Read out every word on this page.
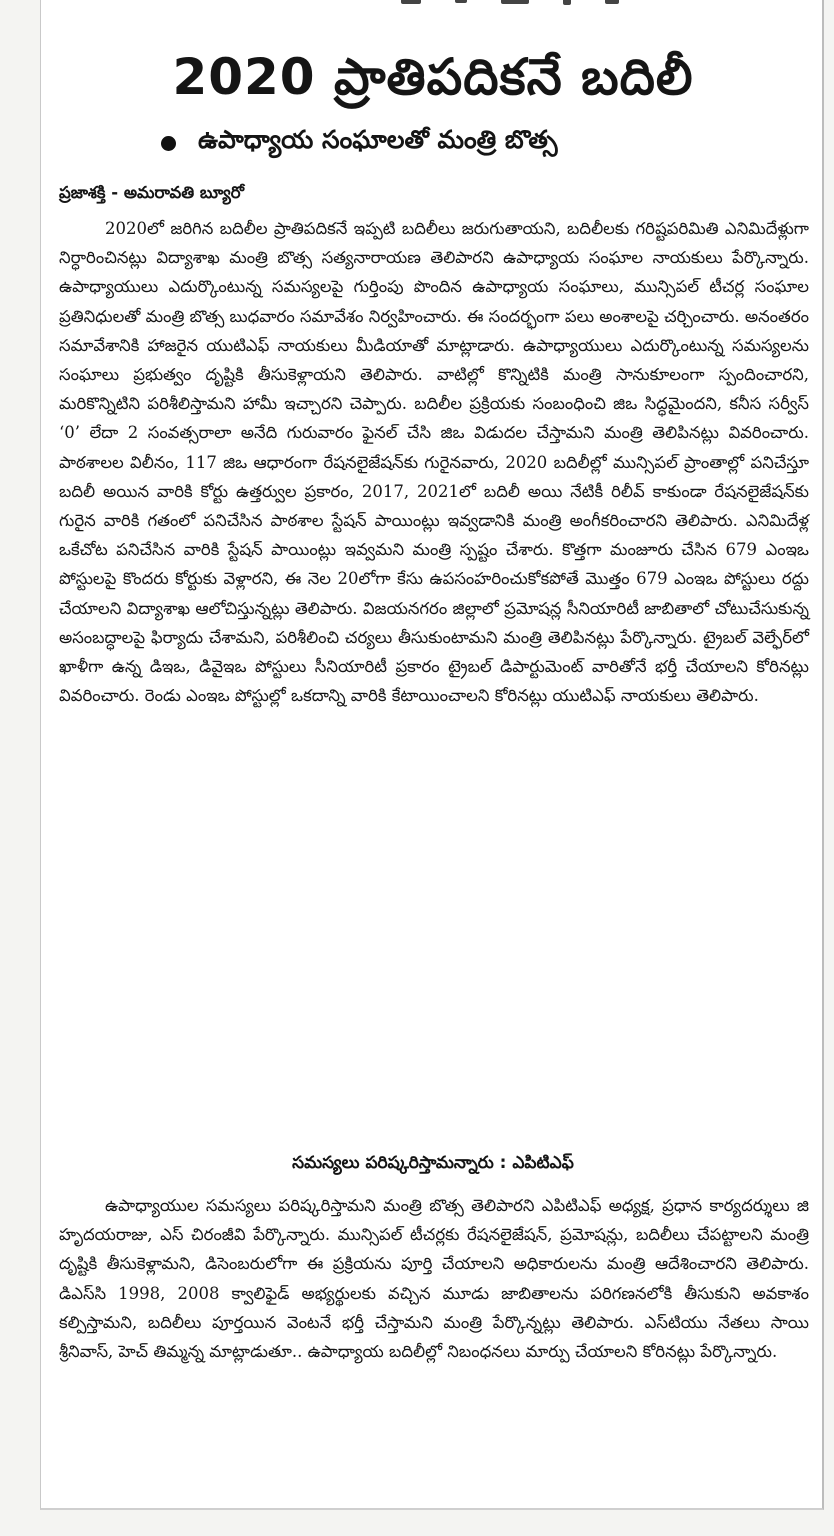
2020 ప్రాతిపదికనే బదిలీ
ఉపాధ్యాయ సంఘాలతో మంత్రి బొత్స

ప్రజాశక్తి - అమరావతి బ్యూరో

2020లో జరిగిన బదిలీల ప్రాతిపదికనే ఇప్పటి బదిలీలు జరుగుతాయని, బదిలీలకు గరిష్టపరిమితి ఎనిమిదేళ్లుగా నిర్ధారించినట్లు విద్యాశాఖ మంత్రి బొత్స సత్యనారాయణ తెలిపారని ఉపాధ్యాయ సంఘాల నాయకులు పేర్కొన్నారు. ఉపాధ్యాయులు ఎదుర్కొంటున్న సమస్యలపై గుర్తింపు పొందిన ఉపాధ్యాయ సంఘాలు, మున్సిపల్ టీచర్ల సంఘాల ప్రతినిధులతో మంత్రి బొత్స బుధవారం సమావేశం నిర్వహించారు. ఈ సందర్భంగా పలు అంశాలపై చర్చించారు. అనంతరం సమావేశానికి హాజరైన యుటిఎఫ్ నాయకులు మీడియాతో మాట్లాడారు. ఉపాధ్యాయులు ఎదుర్కొంటున్న సమస్యలను సంఘాలు ప్రభుత్వం దృష్టికి తీసుకెళ్లాయని తెలిపారు. వాటిల్లో కొన్నిటికి మంత్రి సానుకూలంగా స్పందించారని, మరికొన్నిటిని పరిశీలిస్తామని హామీ ఇచ్చారని చెప్పారు. బదిలీల ప్రక్రియకు సంబంధించి జిఒ సిద్ధమైందని, కనీస సర్వీస్ ‘0’ లేదా 2 సంవత్సరాలా అనేది గురువారం ఫైనల్ చేసి జిఒ విడుదల చేస్తామని మంత్రి తెలిపినట్లు వివరించారు. పాఠశాలల విలీనం, 117 జిఒ ఆధారంగా రేషనలైజేషన్‌కు గురైనవారు, 2020 బదిలీల్లో మున్సిపల్ ప్రాంతాల్లో పనిచేస్తూ బదిలీ అయిన వారికి కోర్టు ఉత్తర్వుల ప్రకారం, 2017, 2021లో బదిలీ అయి నేటికీ రిలీవ్ కాకుండా రేషనలైజేషన్‌కు గురైన వారికి గతంలో పనిచేసిన పాఠశాల స్టేషన్ పాయింట్లు ఇవ్వడానికి మంత్రి అంగీకరించారని తెలిపారు. ఎనిమిదేళ్ల ఒకేచోట పనిచేసిన వారికి స్టేషన్ పాయింట్లు ఇవ్వమని మంత్రి స్పష్టం చేశారు. కొత్తగా మంజూరు చేసిన 679 ఎంఇఒ పోస్టులపై కొందరు కోర్టుకు వెళ్లారని, ఈ నెల 20లోగా కేసు ఉపసంహరించుకోకపోతే మొత్తం 679 ఎంఇఒ పోస్టులు రద్దు చేయాలని విద్యాశాఖ ఆలోచిస్తున్నట్లు తెలిపారు. విజయనగరం జిల్లాలో ప్రమోషన్ల సీనియారిటీ జాబితాలో చోటుచేసుకున్న అసంబద్ధాలపై ఫిర్యాదు చేశామని, పరిశీలించి చర్యలు తీసుకుంటామని మంత్రి తెలిపినట్లు పేర్కొన్నారు. ట్రైబల్ వెల్ఫేర్‌లో ఖాళీగా ఉన్న డిఇఒ, డివైఇఒ పోస్టులు సీనియారిటీ ప్రకారం ట్రైబల్ డిపార్టుమెంట్ వారితోనే భర్తీ చేయాలని కోరినట్లు వివరించారు. రెండు ఎంఇఒ పోస్టుల్లో ఒకదాన్ని వారికి కేటాయించాలని కోరినట్లు యుటిఎఫ్ నాయకులు తెలిపారు.

సమస్యలు పరిష్కరిస్తామన్నారు : ఎపిటిఎఫ్

ఉపాధ్యాయుల సమస్యలు పరిష్కరిస్తామని మంత్రి బొత్స తెలిపారని ఎపిటిఎఫ్ అధ్యక్ష, ప్రధాన కార్యదర్శులు జి హృదయరాజు, ఎస్ చిరంజీవి పేర్కొన్నారు. మున్సిపల్ టీచర్లకు రేషనలైజేషన్, ప్రమోషన్లు, బదిలీలు చేపట్టాలని మంత్రి దృష్టికి తీసుకెళ్లామని, డిసెంబరులోగా ఈ ప్రక్రియను పూర్తి చేయాలని అధికారులను మంత్రి ఆదేశించారని తెలిపారు. డిఎస్‌సి 1998, 2008 క్వాలిఫైడ్ అభ్యర్థులకు వచ్చిన మూడు జాబితాలను పరిగణనలోకి తీసుకుని అవకాశం కల్పిస్తామని, బదిలీలు పూర్తయిన వెంటనే భర్తీ చేస్తామని మంత్రి పేర్కొన్నట్లు తెలిపారు. ఎస్‌టియు నేతలు సాయి శ్రీనివాస్, హెచ్ తిమ్మన్న మాట్లాడుతూ.. ఉపాధ్యాయ బదిలీల్లో నిబంధనలు మార్పు చేయాలని కోరినట్లు పేర్కొన్నారు.
